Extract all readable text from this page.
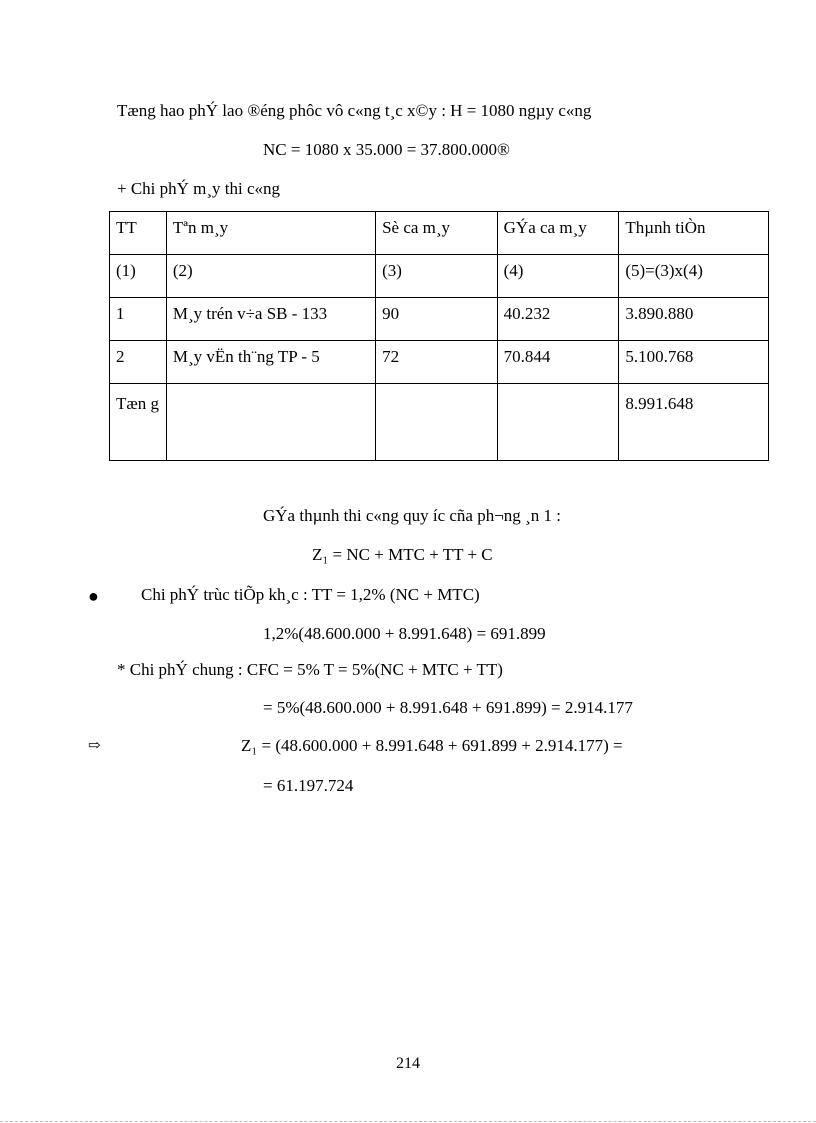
Tæng hao phÝ lao ®éng phôc vô c«ng t¸c x©y : H = 1080 ngµy c«ng
NC = 1080 x 35.000 = 37.800.000®
+ Chi phÝ m¸y thi c«ng
TT	Tªn m¸y	Sè ca m¸y	GÝa ca m¸y	Thµnh tiÒn
(1)	(2)	(3)	(4)	(5)=(3)x(4)
1	M¸y trén v÷a SB - 133	90	40.232	3.890.880
2	M¸y vËn th¨ng TP - 5	72	70.844	5.100.768
Tæn g				8.991.648
GÝa thµnh thi c«ng quy íc cña ph¬ng ¸n 1 :
Z₁ = NC + MTC + TT + C
● Chi phÝ trùc tiÕp kh¸c : TT = 1,2% (NC + MTC)
1,2%(48.600.000 + 8.991.648) = 691.899
* Chi phÝ chung : CFC = 5% T = 5%(NC + MTC + TT)
= 5%(48.600.000 + 8.991.648 + 691.899) = 2.914.177
⇨	Z₁ = (48.600.000 + 8.991.648 + 691.899 + 2.914.177) =
= 61.197.724
214
